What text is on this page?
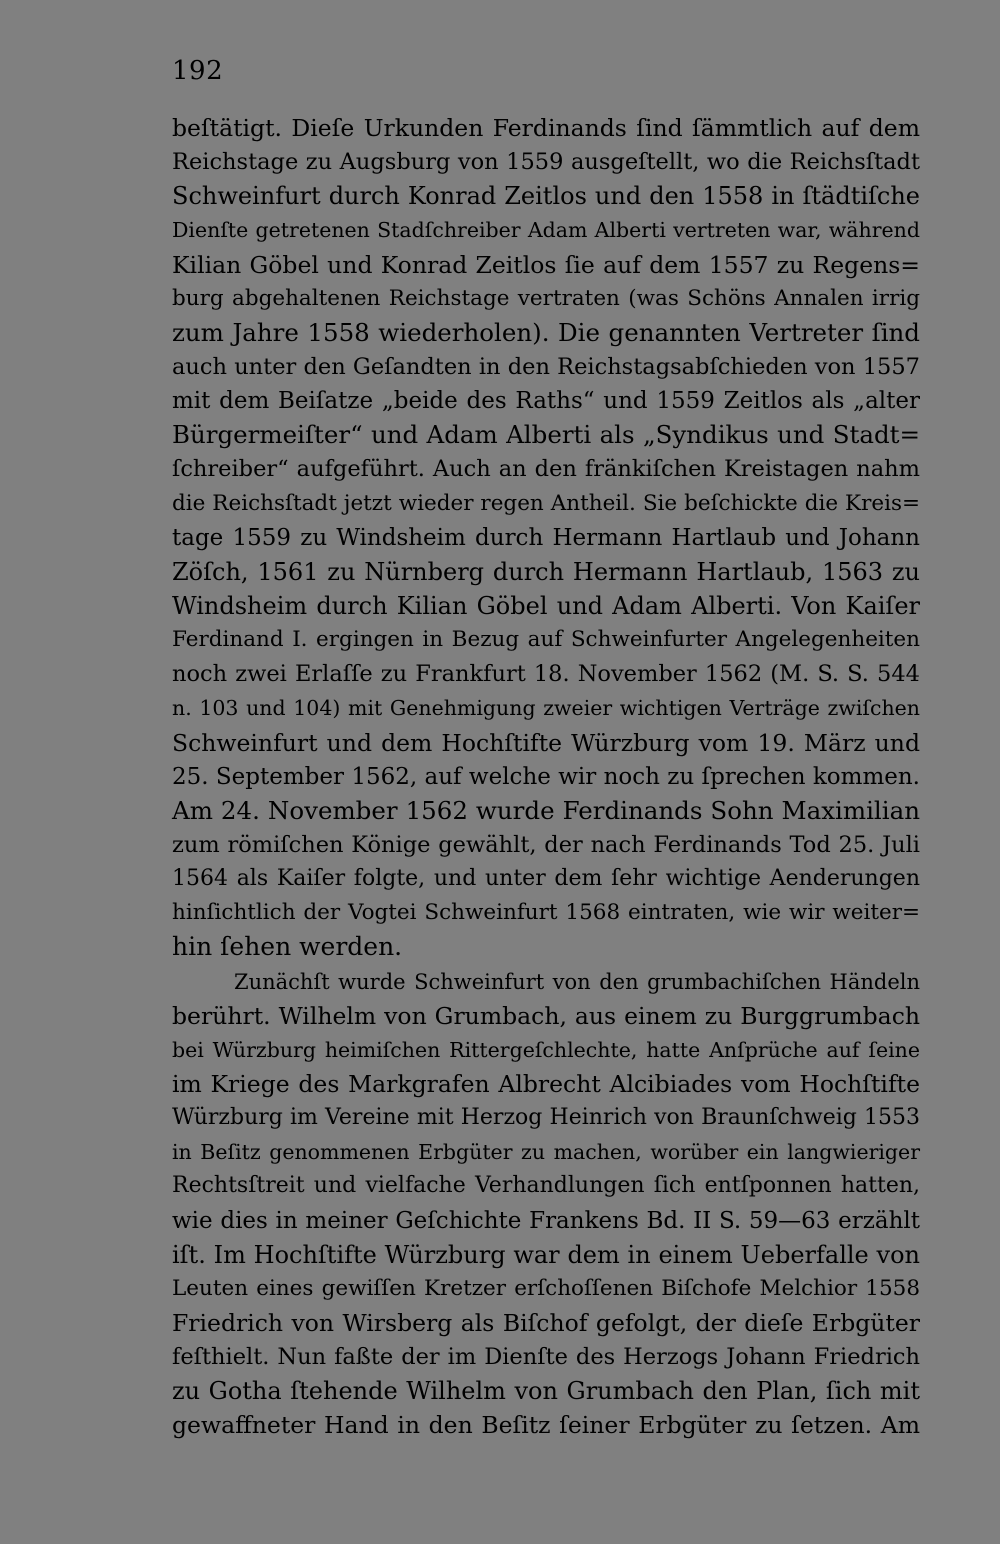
192
beſtätigt. Dieſe Urkunden Ferdinands ſind ſämmtlich auf dem
Reichstage zu Augsburg von 1559 ausgeſtellt, wo die Reichsſtadt
Schweinfurt durch Konrad Zeitlos und den 1558 in ſtädtiſche
Dienſte getretenen Stadſchreiber Adam Alberti vertreten war, während
Kilian Göbel und Konrad Zeitlos ſie auf dem 1557 zu Regens=
burg abgehaltenen Reichstage vertraten (was Schöns Annalen irrig
zum Jahre 1558 wiederholen). Die genannten Vertreter ſind
auch unter den Geſandten in den Reichstagsabſchieden von 1557
mit dem Beiſatze „beide des Raths“ und 1559 Zeitlos als „alter
Bürgermeiſter“ und Adam Alberti als „Syndikus und Stadt=
ſchreiber“ aufgeführt. Auch an den fränkiſchen Kreistagen nahm
die Reichsſtadt jetzt wieder regen Antheil. Sie beſchickte die Kreis=
tage 1559 zu Windsheim durch Hermann Hartlaub und Johann
Zöſch, 1561 zu Nürnberg durch Hermann Hartlaub, 1563 zu
Windsheim durch Kilian Göbel und Adam Alberti. Von Kaiſer
Ferdinand I. ergingen in Bezug auf Schweinfurter Angelegenheiten
noch zwei Erlaſſe zu Frankfurt 18. November 1562 (M. S. S. 544
n. 103 und 104) mit Genehmigung zweier wichtigen Verträge zwiſchen
Schweinfurt und dem Hochſtifte Würzburg vom 19. März und
25. September 1562, auf welche wir noch zu ſprechen kommen.
Am 24. November 1562 wurde Ferdinands Sohn Maximilian
zum römiſchen Könige gewählt, der nach Ferdinands Tod 25. Juli
1564 als Kaiſer folgte, und unter dem ſehr wichtige Aenderungen
hinſichtlich der Vogtei Schweinfurt 1568 eintraten, wie wir weiter=
hin ſehen werden.
Zunächſt wurde Schweinfurt von den grumbachiſchen Händeln
berührt. Wilhelm von Grumbach, aus einem zu Burggrumbach
bei Würzburg heimiſchen Rittergeſchlechte, hatte Anſprüche auf ſeine
im Kriege des Markgrafen Albrecht Alcibiades vom Hochſtifte
Würzburg im Vereine mit Herzog Heinrich von Braunſchweig 1553
in Beſitz genommenen Erbgüter zu machen, worüber ein langwieriger
Rechtsſtreit und vielfache Verhandlungen ſich entſponnen hatten,
wie dies in meiner Geſchichte Frankens Bd. II S. 59—63 erzählt
iſt. Im Hochſtifte Würzburg war dem in einem Ueberfalle von
Leuten eines gewiſſen Kretzer erſchoſſenen Biſchofe Melchior 1558
Friedrich von Wirsberg als Biſchof gefolgt, der dieſe Erbgüter
feſthielt. Nun faßte der im Dienſte des Herzogs Johann Friedrich
zu Gotha ſtehende Wilhelm von Grumbach den Plan, ſich mit
gewaffneter Hand in den Beſitz ſeiner Erbgüter zu ſetzen. Am
